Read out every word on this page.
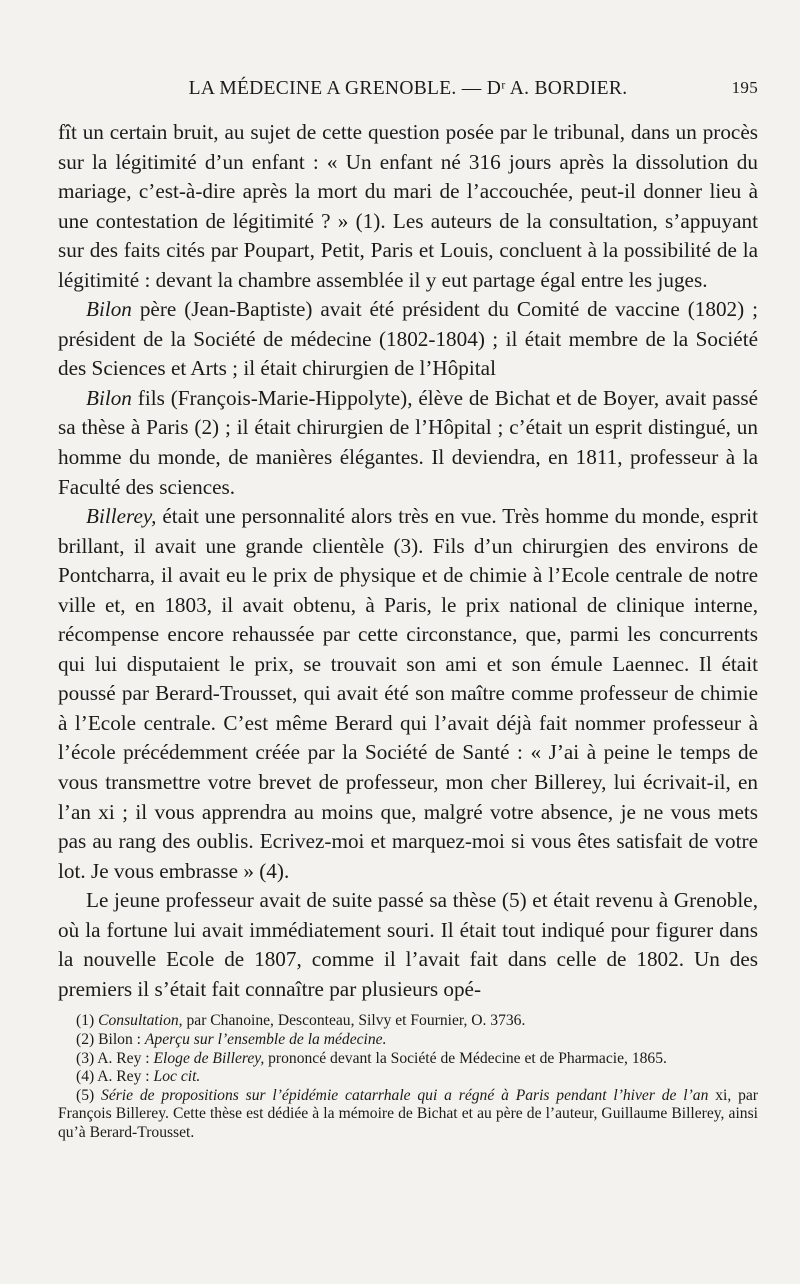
LA MÉDECINE A GRENOBLE. — Dʳ A. BORDIER.	195

fît un certain bruit, au sujet de cette question posée par le tribunal, dans un procès sur la légitimité d’un enfant : « Un enfant né 316 jours après la dissolution du mariage, c’est-à-dire après la mort du mari de l’accouchée, peut-il donner lieu à une contestation de légitimité ? » (1). Les auteurs de la consultation, s’appuyant sur des faits cités par Poupart, Petit, Paris et Louis, concluent à la possibilité de la légitimité : devant la chambre assemblée il y eut partage égal entre les juges.

Bilon père (Jean-Baptiste) avait été président du Comité de vaccine (1802) ; président de la Société de médecine (1802-1804) ; il était membre de la Société des Sciences et Arts ; il était chirurgien de l’Hôpital

Bilon fils (François-Marie-Hippolyte), élève de Bichat et de Boyer, avait passé sa thèse à Paris (2) ; il était chirurgien de l’Hôpital ; c’était un esprit distingué, un homme du monde, de manières élégantes. Il deviendra, en 1811, professeur à la Faculté des sciences.

Billerey, était une personnalité alors très en vue. Très homme du monde, esprit brillant, il avait une grande clientèle (3). Fils d’un chirurgien des environs de Pontcharra, il avait eu le prix de physique et de chimie à l’Ecole centrale de notre ville et, en 1803, il avait obtenu, à Paris, le prix national de clinique interne, récompense encore rehaussée par cette circonstance, que, parmi les concurrents qui lui disputaient le prix, se trouvait son ami et son émule Laennec. Il était poussé par Berard-Trousset, qui avait été son maître comme professeur de chimie à l’Ecole centrale. C’est même Berard qui l’avait déjà fait nommer professeur à l’école précédemment créée par la Société de Santé : « J’ai à peine le temps de vous transmettre votre brevet de professeur, mon cher Billerey, lui écrivait-il, en l’an xi ; il vous apprendra au moins que, malgré votre absence, je ne vous mets pas au rang des oublis. Ecrivez-moi et marquez-moi si vous êtes satisfait de votre lot. Je vous embrasse » (4).

Le jeune professeur avait de suite passé sa thèse (5) et était revenu à Grenoble, où la fortune lui avait immédiatement souri. Il était tout indiqué pour figurer dans la nouvelle Ecole de 1807, comme il l’avait fait dans celle de 1802. Un des premiers il s’était fait connaître par plusieurs opé-

(1) Consultation, par Chanoine, Desconteau, Silvy et Fournier, O. 3736.

(2) Bilon : Aperçu sur l’ensemble de la médecine.

(3) A. Rey : Eloge de Billerey, prononcé devant la Société de Médecine et de Pharmacie, 1865.

(4) A. Rey : Loc cit.

(5) Série de propositions sur l’épidémie catarrhale qui a régné à Paris pendant l’hiver de l’an xi, par François Billerey. Cette thèse est dédiée à la mémoire de Bichat et au père de l’auteur, Guillaume Billerey, ainsi qu’à Berard-Trousset.
